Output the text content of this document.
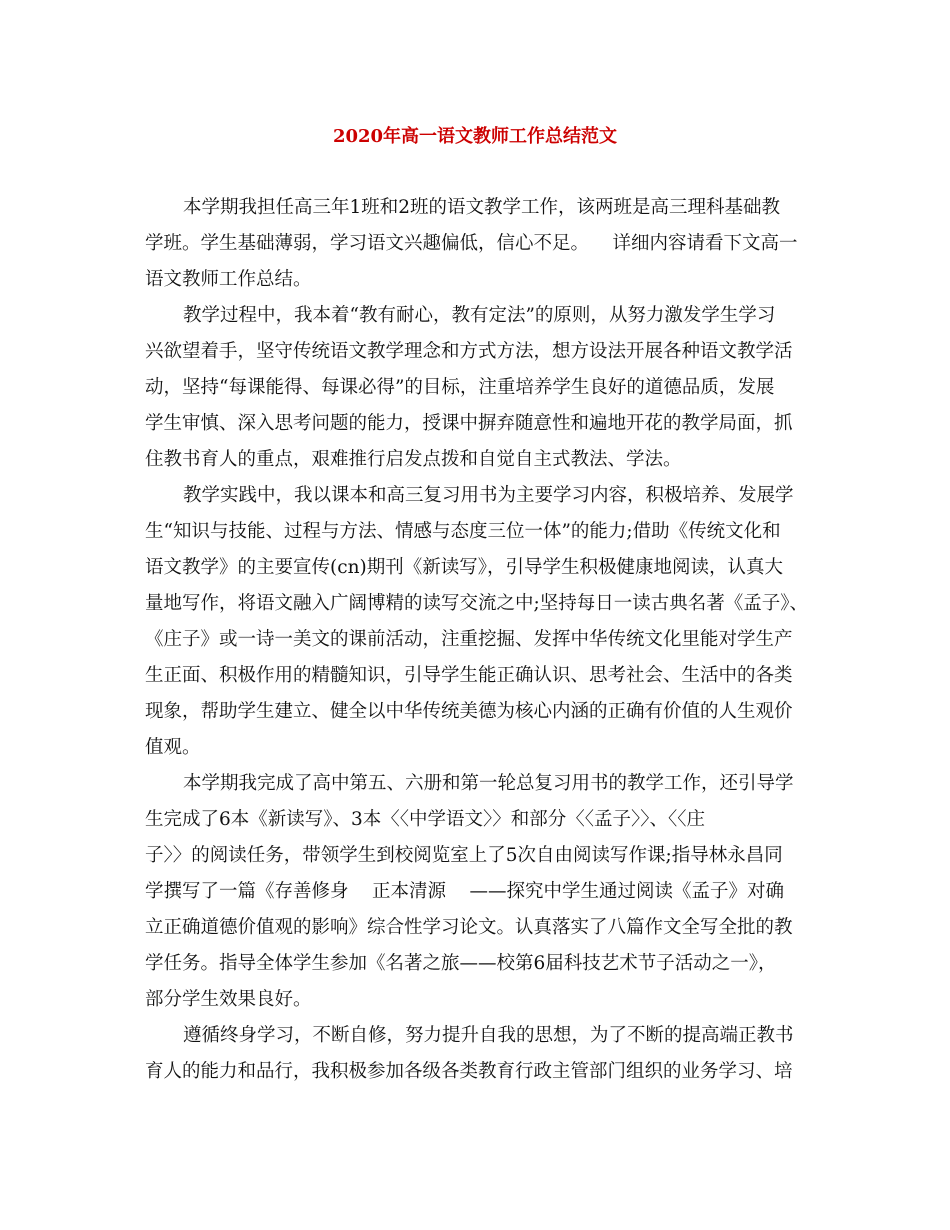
2020年高一语文教师工作总结范文
本学期我担任高三年1班和2班的语文教学工作，该两班是高三理科基础教
学班。学生基础薄弱，学习语文兴趣偏低，信心不足。    详细内容请看下文高一
语文教师工作总结。
教学过程中，我本着“教有耐心，教有定法”的原则，从努力激发学生学习
兴欲望着手，坚守传统语文教学理念和方式方法，想方设法开展各种语文教学活
动，坚持“每课能得、每课必得”的目标，注重培养学生良好的道德品质，发展
学生审慎、深入思考问题的能力，授课中摒弃随意性和遍地开花的教学局面，抓
住教书育人的重点，艰难推行启发点拨和自觉自主式教法、学法。
教学实践中，我以课本和高三复习用书为主要学习内容，积极培养、发展学
生“知识与技能、过程与方法、情感与态度三位一体”的能力;借助《传统文化和
语文教学》的主要宣传(cn)期刊《新读写》，引导学生积极健康地阅读，认真大
量地写作，将语文融入广阔博精的读写交流之中;坚持每日一读古典名著《孟子》、
《庄子》或一诗一美文的课前活动，注重挖掘、发挥中华传统文化里能对学生产
生正面、积极作用的精髓知识，引导学生能正确认识、思考社会、生活中的各类
现象，帮助学生建立、健全以中华传统美德为核心内涵的正确有价值的人生观价
值观。
本学期我完成了高中第五、六册和第一轮总复习用书的教学工作，还引导学
生完成了6本《新读写》、3本〈〈中学语文〉〉和部分〈〈孟子〉〉、〈〈庄
子〉〉的阅读任务，带领学生到校阅览室上了5次自由阅读写作课;指导林永昌同
学撰写了一篇《存善修身    正本清源    ——探究中学生通过阅读《孟子》对确
立正确道德价值观的影响》综合性学习论文。认真落实了八篇作文全写全批的教
学任务。指导全体学生参加《名著之旅——校第6届科技艺术节子活动之一》，
部分学生效果良好。
遵循终身学习，不断自修，努力提升自我的思想，为了不断的提高端正教书
育人的能力和品行，我积极参加各级各类教育行政主管部门组织的业务学习、培
